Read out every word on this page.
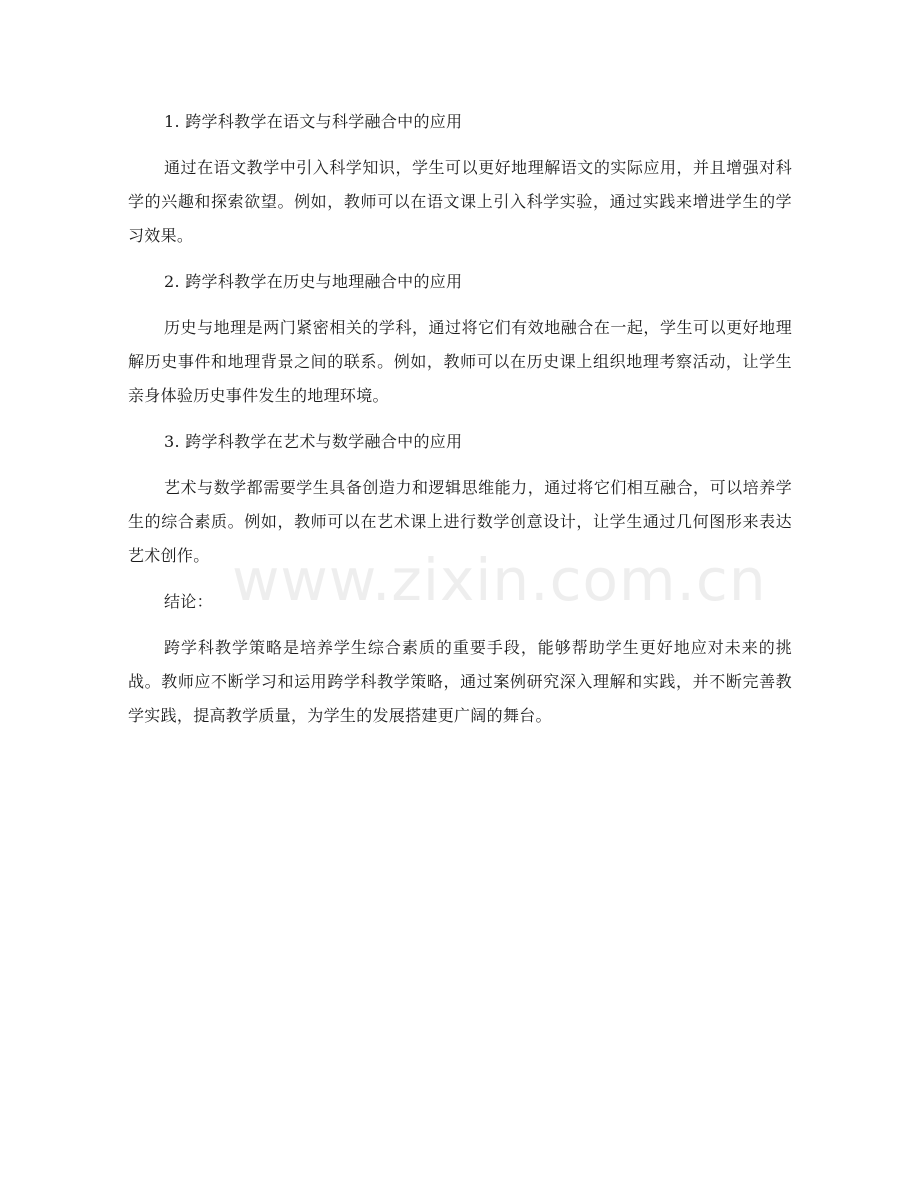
1. 跨学科教学在语文与科学融合中的应用

通过在语文教学中引入科学知识，学生可以更好地理解语文的实际应用，并且增强对科学的兴趣和探索欲望。例如，教师可以在语文课上引入科学实验，通过实践来增进学生的学习效果。

2. 跨学科教学在历史与地理融合中的应用

历史与地理是两门紧密相关的学科，通过将它们有效地融合在一起，学生可以更好地理解历史事件和地理背景之间的联系。例如，教师可以在历史课上组织地理考察活动，让学生亲身体验历史事件发生的地理环境。

3. 跨学科教学在艺术与数学融合中的应用

艺术与数学都需要学生具备创造力和逻辑思维能力，通过将它们相互融合，可以培养学生的综合素质。例如，教师可以在艺术课上进行数学创意设计，让学生通过几何图形来表达艺术创作。

结论：

跨学科教学策略是培养学生综合素质的重要手段，能够帮助学生更好地应对未来的挑战。教师应不断学习和运用跨学科教学策略，通过案例研究深入理解和实践，并不断完善教学实践，提高教学质量，为学生的发展搭建更广阔的舞台。

www.zixin.com.cn
